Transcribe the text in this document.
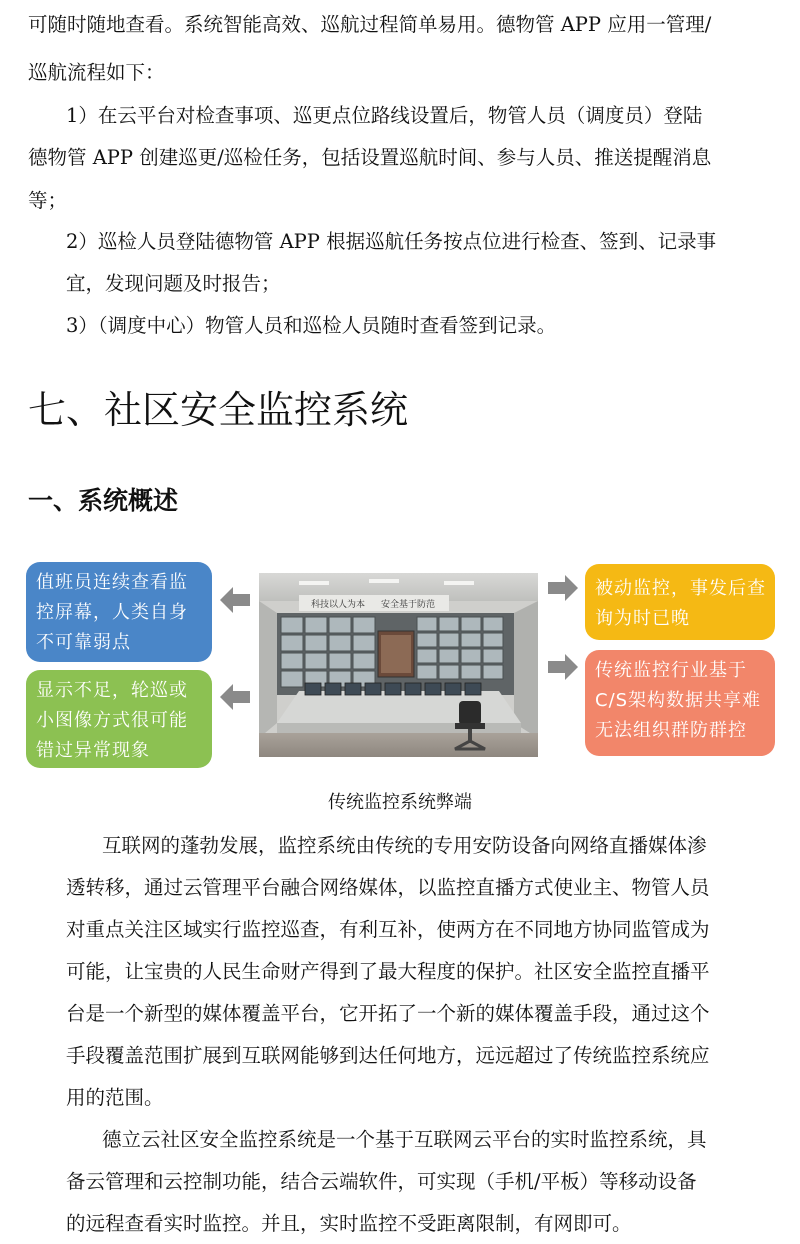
可随时随地查看。系统智能高效、巡航过程简单易用。德物管 APP 应用一管理/
巡航流程如下：
1）在云平台对检查事项、巡更点位路线设置后，物管人员（调度员）登陆
德物管 APP 创建巡更/巡检任务，包括设置巡航时间、参与人员、推送提醒消息
等；
2）巡检人员登陆德物管 APP 根据巡航任务按点位进行检查、签到、记录事
宜，发现问题及时报告；
3）（调度中心）物管人员和巡检人员随时查看签到记录。
七、社区安全监控系统
一、系统概述
值班员连续查看监
控屏幕，人类自身
不可靠弱点
显示不足，轮巡或
小图像方式很可能
错过异常现象
被动监控，事发后查
询为时已晚
传统监控行业基于
C/S架构数据共享难
无法组织群防群控
科技以人为本 安全基于防范
传统监控系统弊端
互联网的蓬勃发展，监控系统由传统的专用安防设备向网络直播媒体渗
透转移，通过云管理平台融合网络媒体，以监控直播方式使业主、物管人员
对重点关注区域实行监控巡查，有利互补，使两方在不同地方协同监管成为
可能，让宝贵的人民生命财产得到了最大程度的保护。社区安全监控直播平
台是一个新型的媒体覆盖平台，它开拓了一个新的媒体覆盖手段，通过这个
手段覆盖范围扩展到互联网能够到达任何地方，远远超过了传统监控系统应
用的范围。
德立云社区安全监控系统是一个基于互联网云平台的实时监控系统，具
备云管理和云控制功能，结合云端软件，可实现（手机/平板）等移动设备
的远程查看实时监控。并且，实时监控不受距离限制，有网即可。
